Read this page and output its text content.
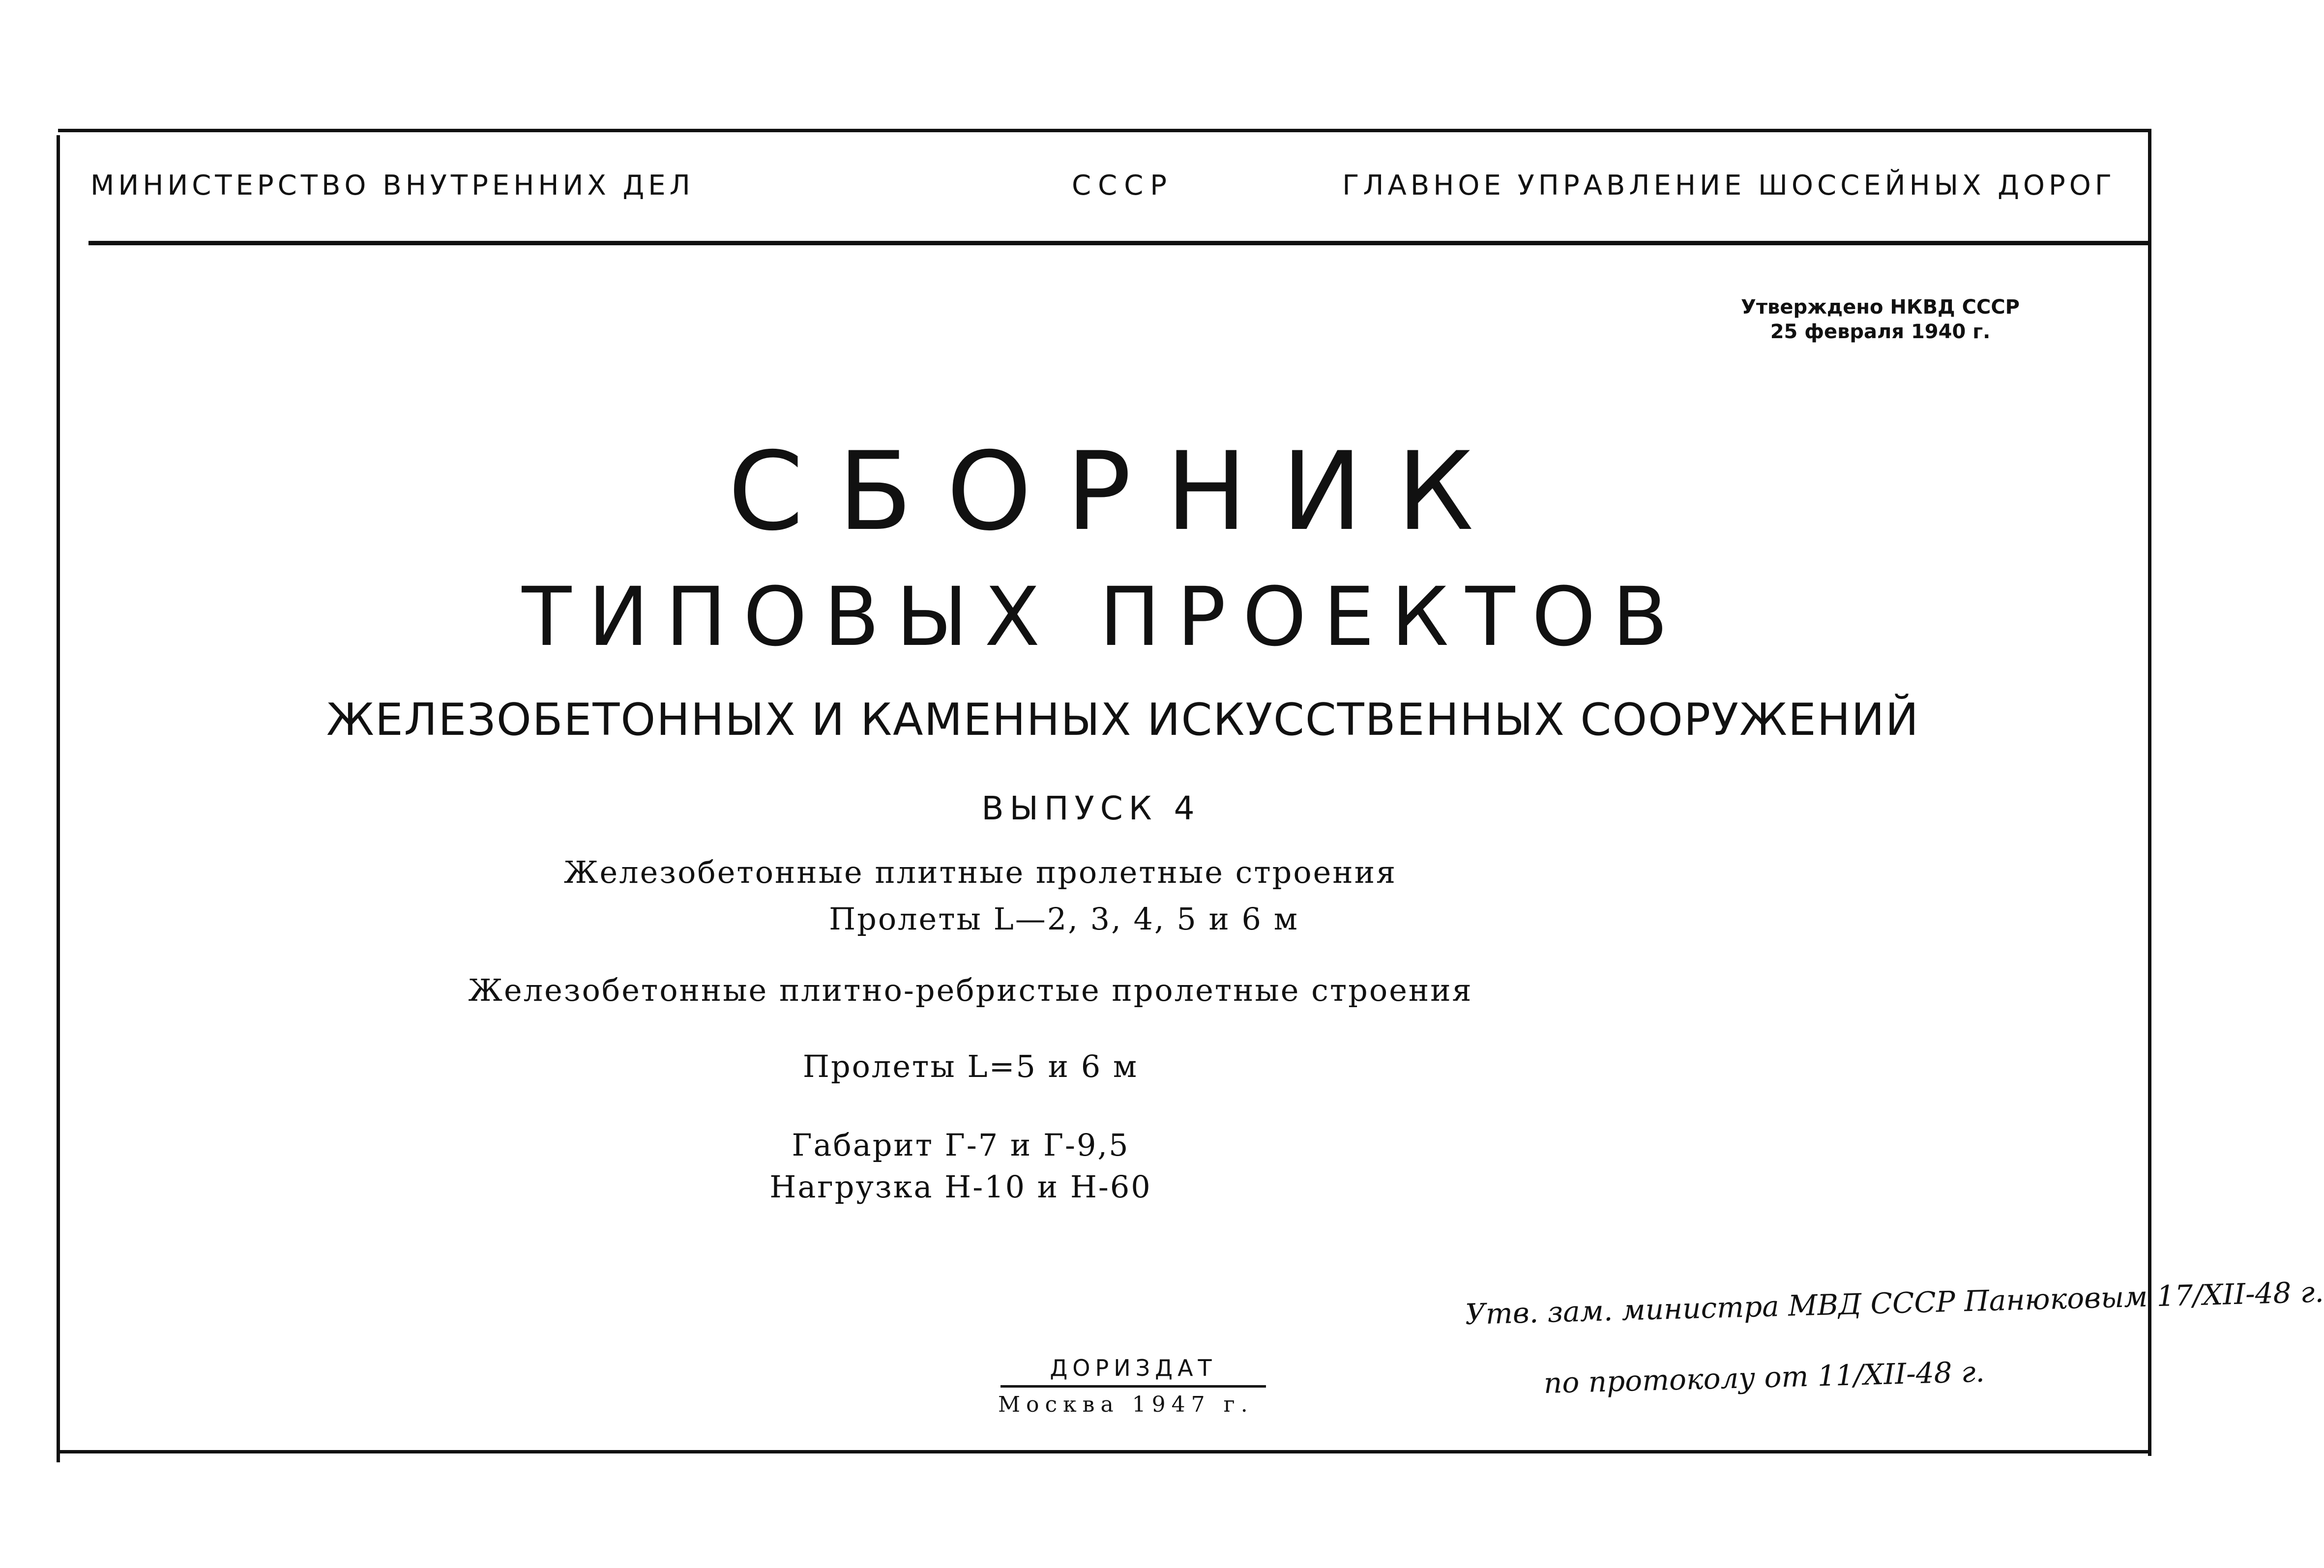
МИНИСТЕРСТВО ВНУТРЕННИХ ДЕЛ	СССР	ГЛАВНОЕ УПРАВЛЕНИЕ ШОССЕЙНЫХ ДОРОГ
Утверждено НКВД СССР
25 февраля 1940 г.
СБОРНИК
ТИПОВЫХ ПРОЕКТОВ
ЖЕЛЕЗОБЕТОННЫХ И КАМЕННЫХ ИСКУССТВЕННЫХ СООРУЖЕНИЙ
ВЫПУСК 4
Железобетонные плитные пролетные строения
Пролеты L—2, 3, 4, 5 и 6 м
Железобетонные плитно-ребристые пролетные строения
Пролеты L=5 и 6 м
Габарит Г-7 и Г-9,5
Нагрузка Н-10 и Н-60
ДОРИЗДАТ
Москва 1947 г.
Утв. зам. министра МВД СССР Панюковым 17/XII-48 г.
по протоколу от 11/XII-48 г.
